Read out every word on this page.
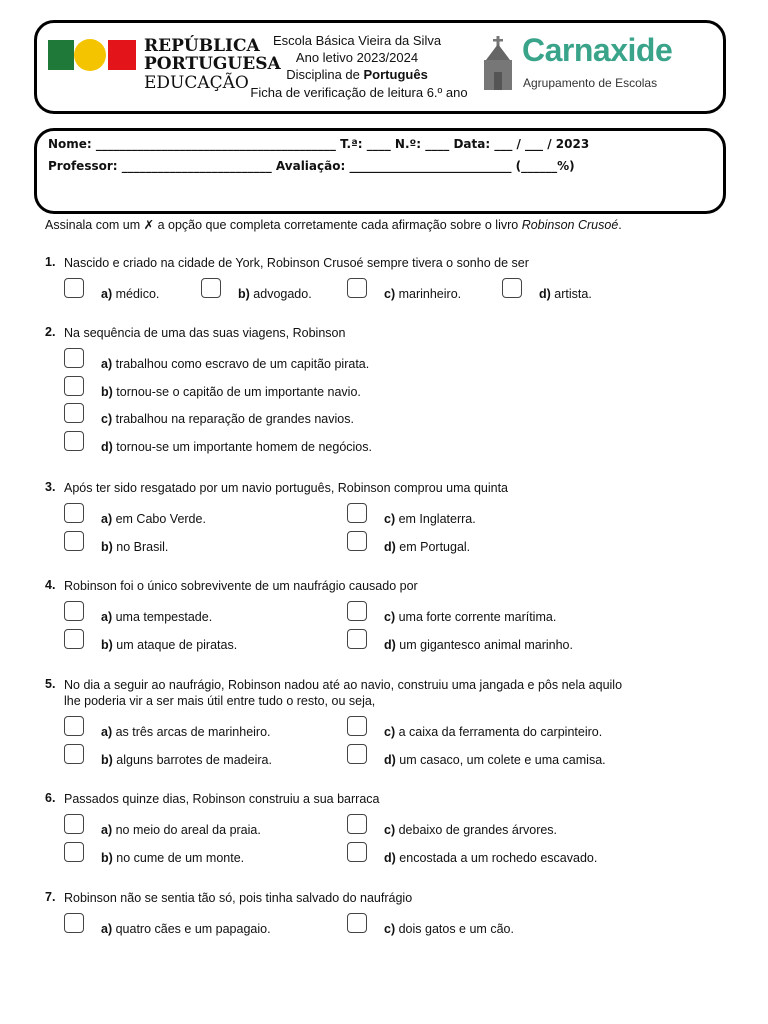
REPÚBLICA
PORTUGUESA
EDUCAÇÃO
Escola Básica Vieira da Silva
Ano letivo 2023/2024
Disciplina de Português
Ficha de verificação de leitura 6.º ano
Carnaxide
Agrupamento de Escolas
Nome: ________________________________________ T.ª: ____ N.º: ____ Data: ___ / ___ / 2023
Professor: _________________________ Avaliação: ___________________________ (______%)
Assinala com um ✗ a opção que completa corretamente cada afirmação sobre o livro Robinson Crusoé.
1. Nascido e criado na cidade de York, Robinson Crusoé sempre tivera o sonho de ser
a) médico.	b) advogado.	c) marinheiro.	d) artista.
2. Na sequência de uma das suas viagens, Robinson
a) trabalhou como escravo de um capitão pirata.
b) tornou-se o capitão de um importante navio.
c) trabalhou na reparação de grandes navios.
d) tornou-se um importante homem de negócios.
3. Após ter sido resgatado por um navio português, Robinson comprou uma quinta
a) em Cabo Verde.
b) no Brasil.
c) em Inglaterra.
d) em Portugal.
4. Robinson foi o único sobrevivente de um naufrágio causado por
a) uma tempestade.
b) um ataque de piratas.
c) uma forte corrente marítima.
d) um gigantesco animal marinho.
5. No dia a seguir ao naufrágio, Robinson nadou até ao navio, construiu uma jangada e pôs nela aquilo
lhe poderia vir a ser mais útil entre tudo o resto, ou seja,
a) as três arcas de marinheiro.
b) alguns barrotes de madeira.
c) a caixa da ferramenta do carpinteiro.
d) um casaco, um colete e uma camisa.
6. Passados quinze dias, Robinson construiu a sua barraca
a) no meio do areal da praia.
b) no cume de um monte.
c) debaixo de grandes árvores.
d) encostada a um rochedo escavado.
7. Robinson não se sentia tão só, pois tinha salvado do naufrágio
a) quatro cães e um papagaio.	c) dois gatos e um cão.
